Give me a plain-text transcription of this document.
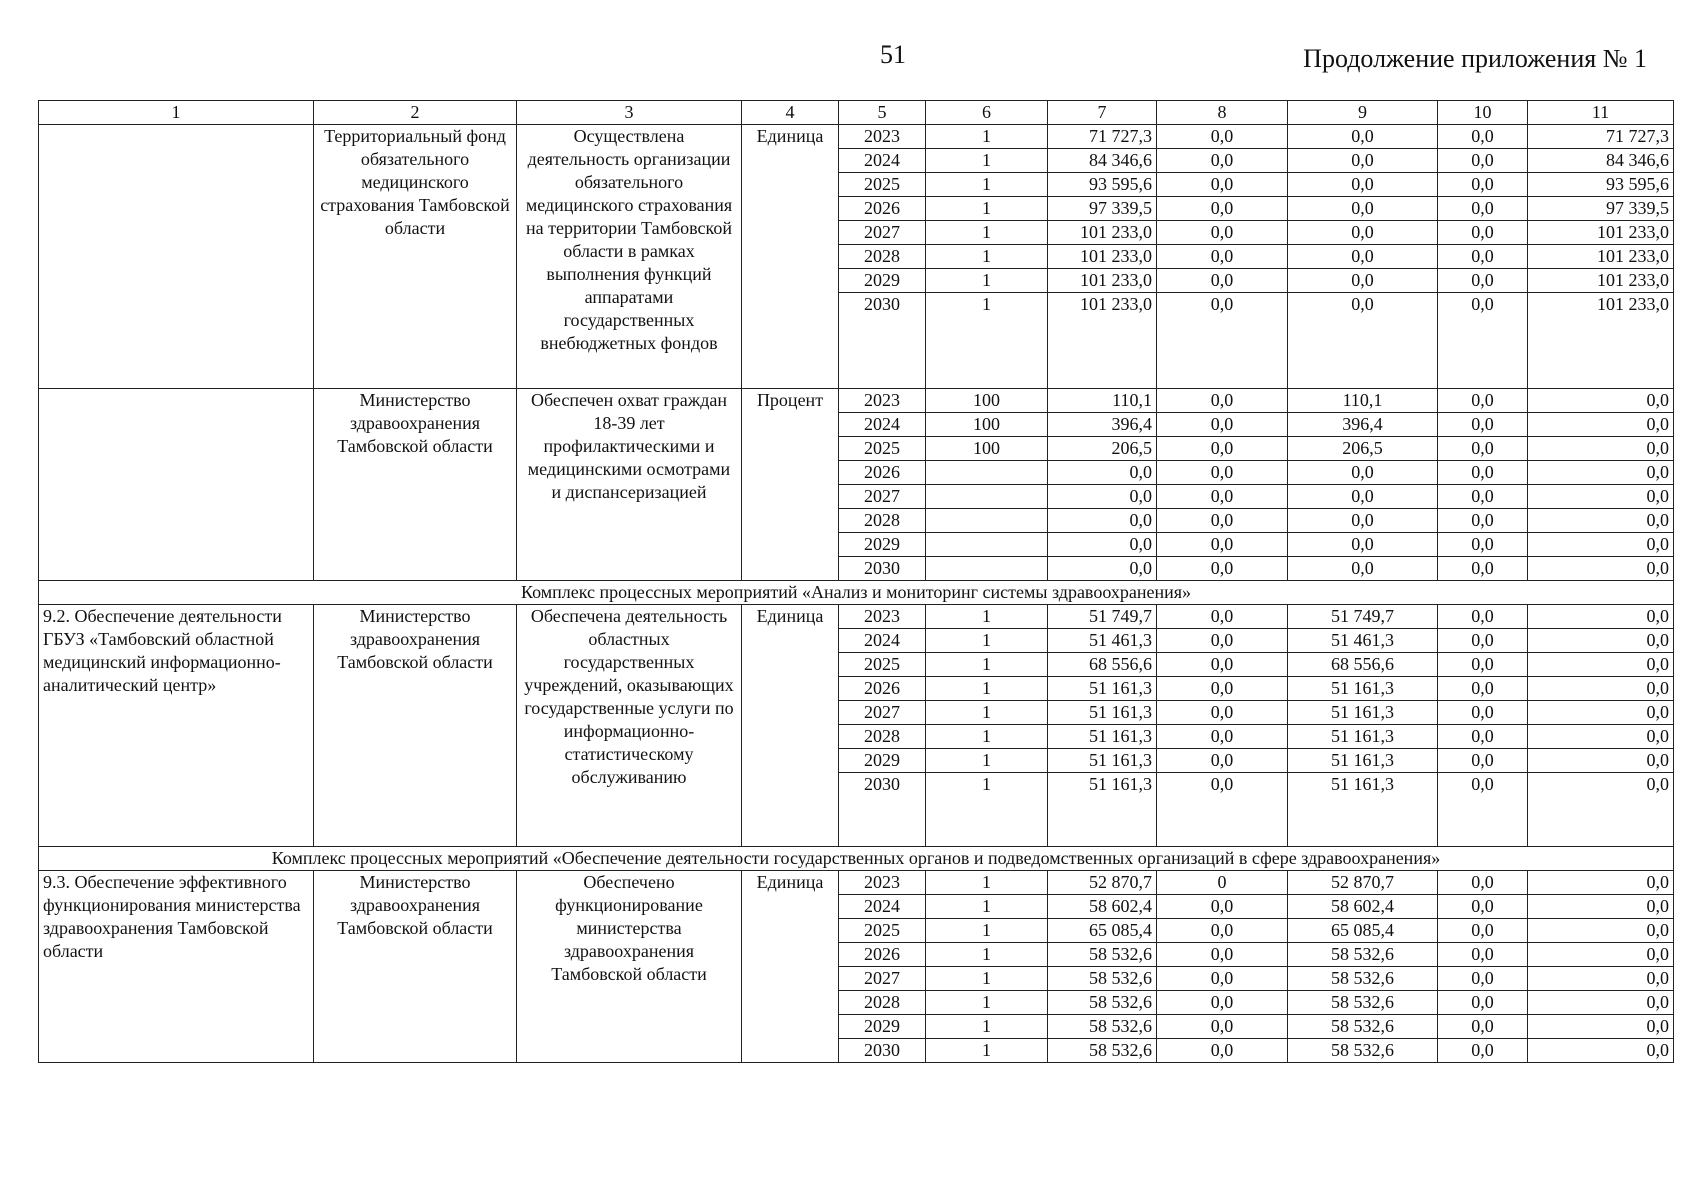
51	Продолжение приложения № 1
1	2	3	4	5	6	7	8	9	10	11
	Территориальный фонд обязательного медицинского страхования Тамбовской области	Осуществлена деятельность организации обязательного медицинского страхования на территории Тамбовской области в рамках выполнения функций аппаратами государственных внебюджетных фондов	Единица	2023	1	71 727,3	0,0	0,0	0,0	71 727,3
				2024	1	84 346,6	0,0	0,0	0,0	84 346,6
				2025	1	93 595,6	0,0	0,0	0,0	93 595,6
				2026	1	97 339,5	0,0	0,0	0,0	97 339,5
				2027	1	101 233,0	0,0	0,0	0,0	101 233,0
				2028	1	101 233,0	0,0	0,0	0,0	101 233,0
				2029	1	101 233,0	0,0	0,0	0,0	101 233,0
				2030	1	101 233,0	0,0	0,0	0,0	101 233,0
	Министерство здравоохранения Тамбовской области	Обеспечен охват граждан 18-39 лет профилактическими и медицинскими осмотрами и диспансеризацией	Процент	2023	100	110,1	0,0	110,1	0,0	0,0
				2024	100	396,4	0,0	396,4	0,0	0,0
				2025	100	206,5	0,0	206,5	0,0	0,0
				2026		0,0	0,0	0,0	0,0	0,0
				2027		0,0	0,0	0,0	0,0	0,0
				2028		0,0	0,0	0,0	0,0	0,0
				2029		0,0	0,0	0,0	0,0	0,0
				2030		0,0	0,0	0,0	0,0	0,0
Комплекс процессных мероприятий «Анализ и мониторинг системы здравоохранения»										
9.2. Обеспечение деятельности ГБУЗ «Тамбовский областной медицинский информационно-аналитический центр»	Министерство здравоохранения Тамбовской области	Обеспечена деятельность областных государственных учреждений, оказывающих государственные услуги по информационно-статистическому обслуживанию	Единица	2023	1	51 749,7	0,0	51 749,7	0,0	0,0
				2024	1	51 461,3	0,0	51 461,3	0,0	0,0
				2025	1	68 556,6	0,0	68 556,6	0,0	0,0
				2026	1	51 161,3	0,0	51 161,3	0,0	0,0
				2027	1	51 161,3	0,0	51 161,3	0,0	0,0
				2028	1	51 161,3	0,0	51 161,3	0,0	0,0
				2029	1	51 161,3	0,0	51 161,3	0,0	0,0
				2030	1	51 161,3	0,0	51 161,3	0,0	0,0
Комплекс процессных мероприятий «Обеспечение деятельности государственных органов и подведомственных организаций в сфере здравоохранения»										
9.3. Обеспечение эффективного функционирования министерства здравоохранения Тамбовской области	Министерство здравоохранения Тамбовской области	Обеспечено функционирование министерства здравоохранения Тамбовской области	Единица	2023	1	52 870,7	0	52 870,7	0,0	0,0
				2024	1	58 602,4	0,0	58 602,4	0,0	0,0
				2025	1	65 085,4	0,0	65 085,4	0,0	0,0
				2026	1	58 532,6	0,0	58 532,6	0,0	0,0
				2027	1	58 532,6	0,0	58 532,6	0,0	0,0
				2028	1	58 532,6	0,0	58 532,6	0,0	0,0
				2029	1	58 532,6	0,0	58 532,6	0,0	0,0
				2030	1	58 532,6	0,0	58 532,6	0,0	0,0
